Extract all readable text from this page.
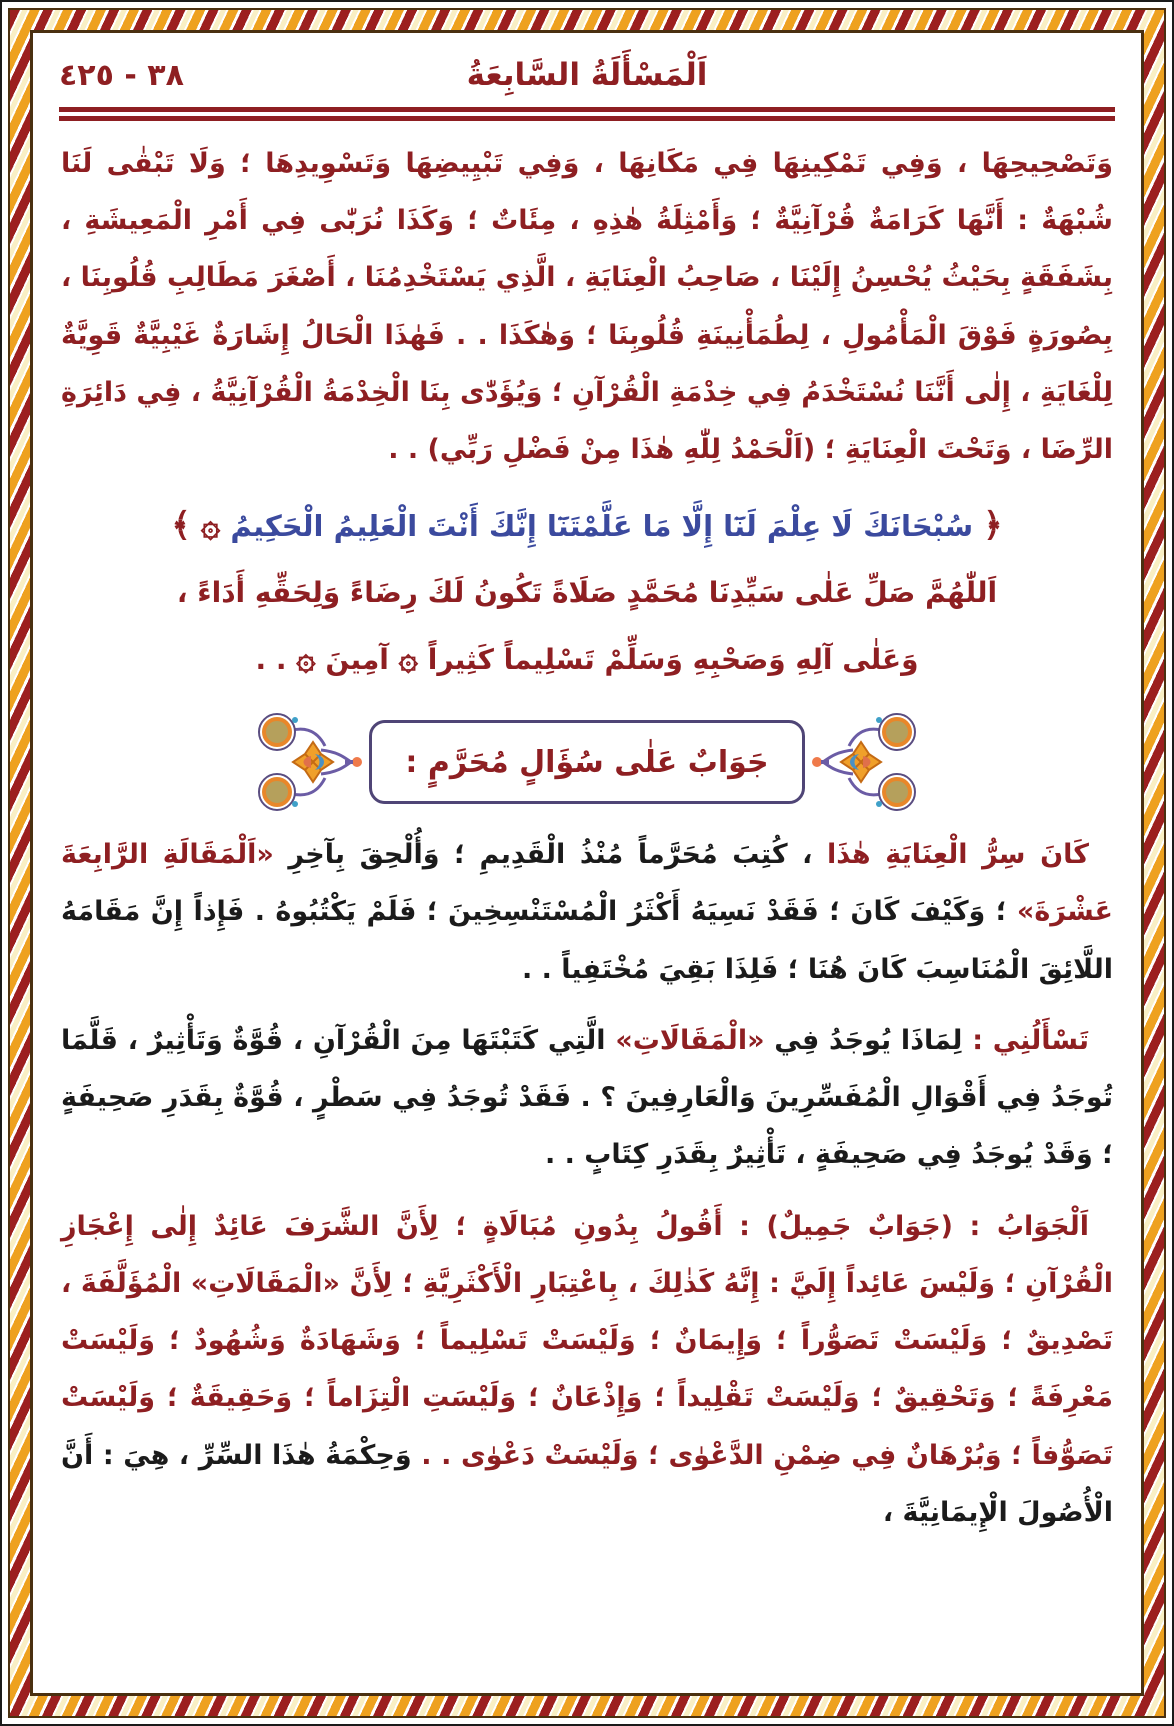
اَلْمَسْأَلَةُ السَّابِعَةُ
٣٨ - ٤٢٥

وَتَصْحِيحِهَا ، وَفِي تَمْكِينِهَا فِي مَكَانِهَا ، وَفِي تَبْيِيضِهَا وَتَسْوِيدِهَا ؛ وَلَا تَبْقٰى لَنَا شُبْهَةٌ : أَنَّهَا كَرَامَةٌ قُرْآنِيَّةٌ ؛ وَأَمْثِلَةُ هٰذِهِ ، مِئَاتٌ ؛ وَكَذَا نُرَبّٰى فِي أَمْرِ الْمَعِيشَةِ ، بِشَفَقَةٍ بِحَيْثُ يُحْسِنُ إِلَيْنَا ، صَاحِبُ الْعِنَايَةِ ، الَّذِي يَسْتَخْدِمُنَا ، أَصْغَرَ مَطَالِبِ قُلُوبِنَا ، بِصُورَةٍ فَوْقَ الْمَأْمُولِ ، لِطُمَأْنِينَةِ قُلُوبِنَا ؛ وَهٰكَذَا . . فَهٰذَا الْحَالُ إِشَارَةٌ غَيْبِيَّةٌ قَوِيَّةٌ لِلْغَايَةِ ، إِلٰى أَنَّنَا نُسْتَخْدَمُ فِي خِدْمَةِ الْقُرْآنِ ؛ وَيُؤَدّٰى بِنَا الْخِدْمَةُ الْقُرْآنِيَّةُ ، فِي دَائِرَةِ الرِّضَا ، وَتَحْتَ الْعِنَايَةِ ؛ (اَلْحَمْدُ لِلّٰهِ هٰذَا مِنْ فَضْلِ رَبِّي) . .

﴿ سُبْحَانَكَ لَا عِلْمَ لَنَٓا إِلَّا مَا عَلَّمْتَنَٓا إِنَّكَ أَنْتَ الْعَلِيمُ الْحَكِيمُ ۞ ﴾
اَللّٰهُمَّ صَلِّ عَلٰى سَيِّدِنَا مُحَمَّدٍ صَلَاةً تَكُونُ لَكَ رِضَاءً وَلِحَقِّهِ أَدَاءً ،
وَعَلٰى آلِهِ وَصَحْبِهِ وَسَلِّمْ تَسْلِيماً كَثِيراً ۞ آمِينَ ۞ . .
جَوَابٌ عَلٰى سُؤَالٍ مُحَرَّمٍ :

كَانَ سِرُّ الْعِنَايَةِ هٰذَا ، كُتِبَ مُحَرَّماً مُنْذُ الْقَدِيمِ ؛ وَأُلْحِقَ بِآخِرِ «اَلْمَقَالَةِ الرَّابِعَةَ عَشْرَةَ» ؛ وَكَيْفَ كَانَ ؛ فَقَدْ نَسِيَهُ أَكْثَرُ الْمُسْتَنْسِخِينَ ؛ فَلَمْ يَكْتُبُوهُ . فَإِذاً إِنَّ مَقَامَهُ اللَّائِقَ الْمُنَاسِبَ كَانَ هُنَا ؛ فَلِذَا بَقِيَ مُخْتَفِياً . .

تَسْأَلُنِي : لِمَاذَا يُوجَدُ فِي «الْمَقَالَاتِ» الَّتِي كَتَبْتَهَا مِنَ الْقُرْآنِ ، قُوَّةٌ وَتَأْثِيرٌ ، قَلَّمَا تُوجَدُ فِي أَقْوَالِ الْمُفَسِّرِينَ وَالْعَارِفِينَ ؟ . فَقَدْ تُوجَدُ فِي سَطْرٍ ، قُوَّةٌ بِقَدَرِ صَحِيفَةٍ ؛ وَقَدْ يُوجَدُ فِي صَحِيفَةٍ ، تَأْثِيرٌ بِقَدَرِ كِتَابٍ . .

اَلْجَوَابُ : (جَوَابٌ جَمِيلٌ) : أَقُولُ بِدُونِ مُبَالَاةٍ ؛ لِأَنَّ الشَّرَفَ عَائِدٌ إِلٰى إِعْجَازِ الْقُرْآنِ ؛ وَلَيْسَ عَائِداً إِلَيَّ : إِنَّهُ كَذٰلِكَ ، بِاعْتِبَارِ الْأَكْثَرِيَّةِ ؛ لِأَنَّ «الْمَقَالَاتِ» الْمُؤَلَّفَةَ ، تَصْدِيقٌ ؛ وَلَيْسَتْ تَصَوُّراً ؛ وَإِيمَانٌ ؛ وَلَيْسَتْ تَسْلِيماً ؛ وَشَهَادَةٌ وَشُهُودٌ ؛ وَلَيْسَتْ مَعْرِفَةً ؛ وَتَحْقِيقٌ ؛ وَلَيْسَتْ تَقْلِيداً ؛ وَإِذْعَانٌ ؛ وَلَيْسَتِ الْتِزَاماً ؛ وَحَقِيقَةٌ ؛ وَلَيْسَتْ تَصَوُّفاً ؛ وَبُرْهَانٌ فِي ضِمْنِ الدَّعْوٰى ؛ وَلَيْسَتْ دَعْوٰى . . وَحِكْمَةُ هٰذَا السِّرِّ ، هِيَ : أَنَّ الْأُصُولَ الْإِيمَانِيَّةَ ،
